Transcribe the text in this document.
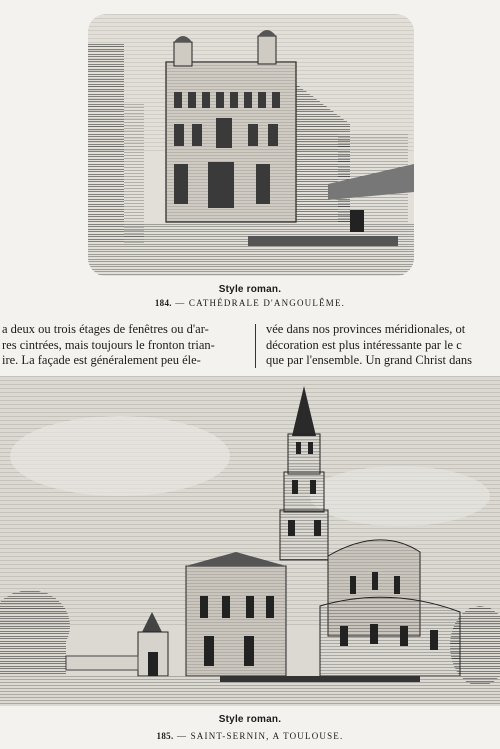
Style roman.
184. — CATHÉDRALE D'ANGOULÊME.
a deux ou trois étages de fenêtres ou d'ar-
res cintrées, mais toujours le fronton trian-
ire. La façade est généralement peu éle-
vée dans nos provinces méridionales, ot
décoration est plus intéressante par le c
que par l'ensemble. Un grand Christ dans
Style roman.
185. — SAINT-SERNIN, A TOULOUSE.
